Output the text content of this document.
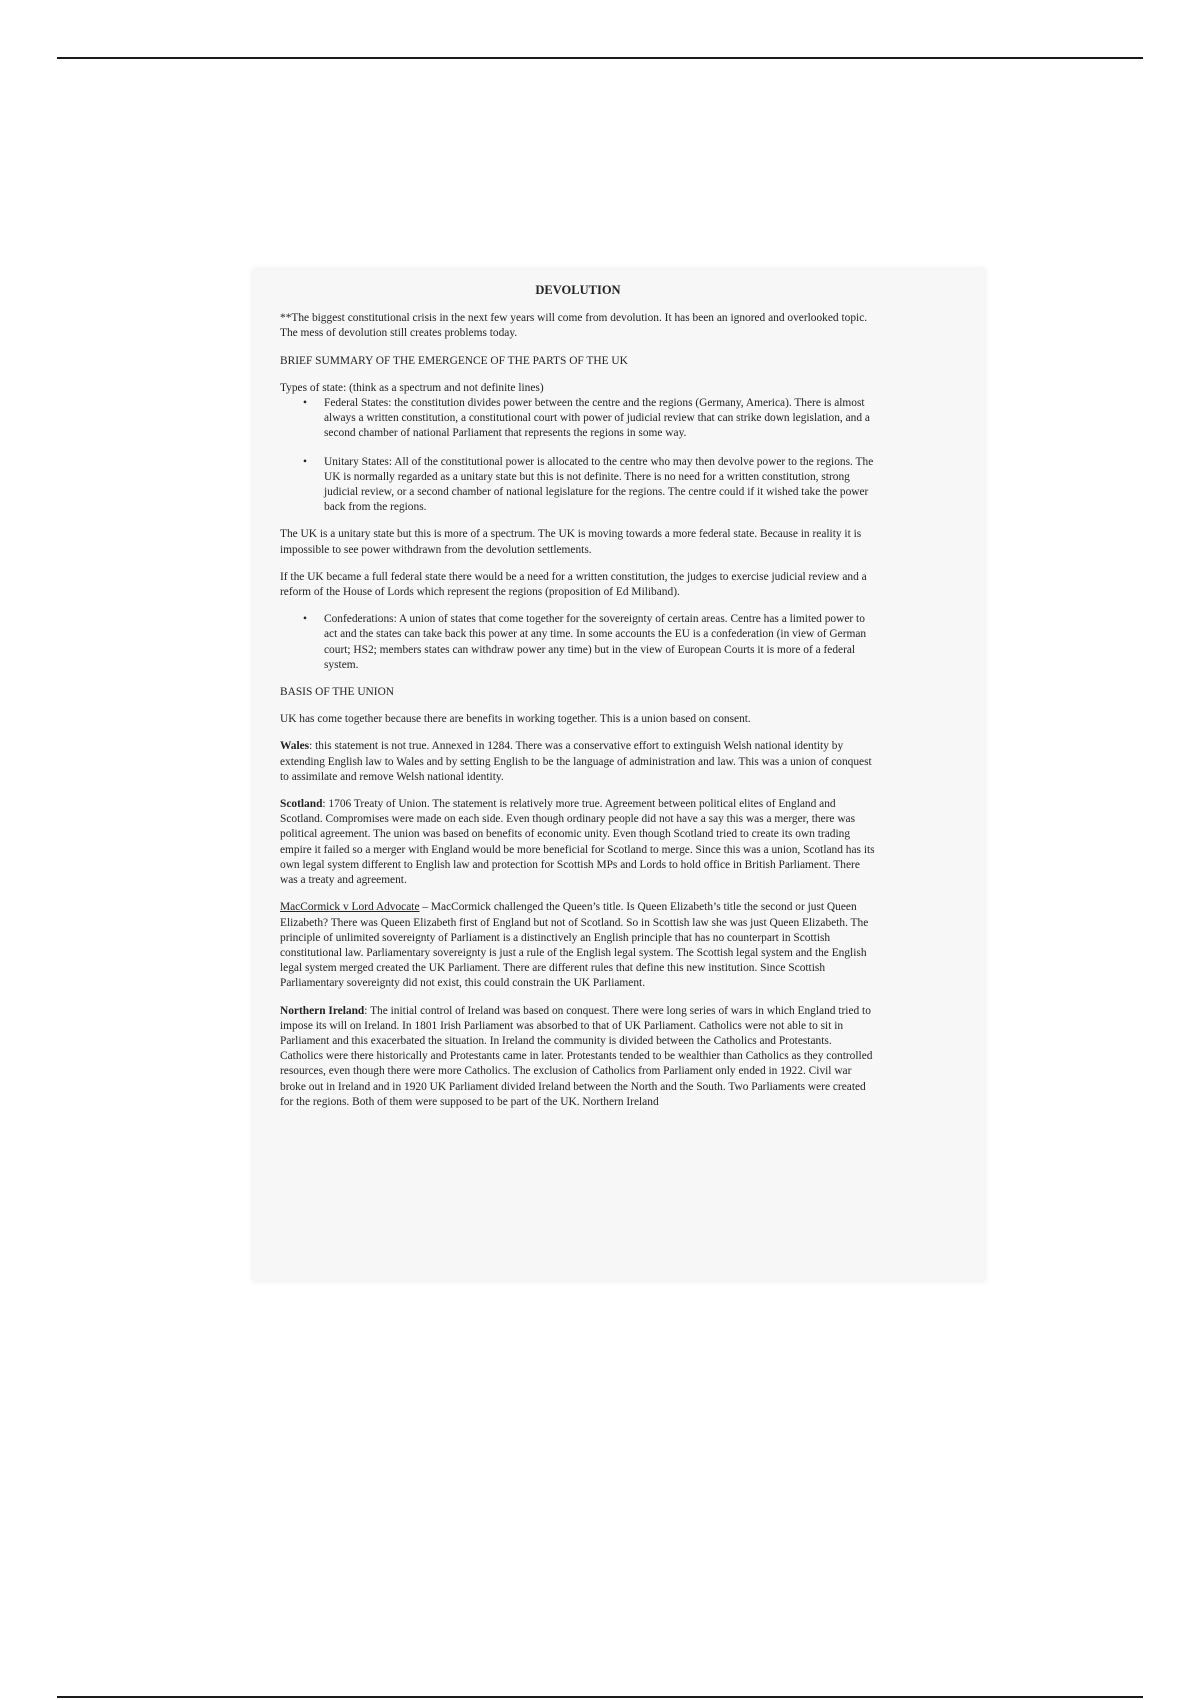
DEVOLUTION

**The biggest constitutional crisis in the next few years will come from devolution. It has been an ignored and overlooked topic. The mess of devolution still creates problems today.

BRIEF SUMMARY OF THE EMERGENCE OF THE PARTS OF THE UK

Types of state: (think as a spectrum and not definite lines)

• Federal States: the constitution divides power between the centre and the regions (Germany, America). There is almost always a written constitution, a constitutional court with power of judicial review that can strike down legislation, and a second chamber of national Parliament that represents the regions in some way.
• Unitary States: All of the constitutional power is allocated to the centre who may then devolve power to the regions. The UK is normally regarded as a unitary state but this is not definite. There is no need for a written constitution, strong judicial review, or a second chamber of national legislature for the regions. The centre could if it wished take the power back from the regions.

The UK is a unitary state but this is more of a spectrum. The UK is moving towards a more federal state. Because in reality it is impossible to see power withdrawn from the devolution settlements.

If the UK became a full federal state there would be a need for a written constitution, the judges to exercise judicial review and a reform of the House of Lords which represent the regions (proposition of Ed Miliband).

• Confederations: A union of states that come together for the sovereignty of certain areas. Centre has a limited power to act and the states can take back this power at any time. In some accounts the EU is a confederation (in view of German court; HS2; members states can withdraw power any time) but in the view of European Courts it is more of a federal system.

BASIS OF THE UNION

UK has come together because there are benefits in working together. This is a union based on consent.

Wales: this statement is not true. Annexed in 1284. There was a conservative effort to extinguish Welsh national identity by extending English law to Wales and by setting English to be the language of administration and law. This was a union of conquest to assimilate and remove Welsh national identity.

Scotland: 1706 Treaty of Union. The statement is relatively more true. Agreement between political elites of England and Scotland. Compromises were made on each side. Even though ordinary people did not have a say this was a merger, there was political agreement. The union was based on benefits of economic unity. Even though Scotland tried to create its own trading empire it failed so a merger with England would be more beneficial for Scotland to merge. Since this was a union, Scotland has its own legal system different to English law and protection for Scottish MPs and Lords to hold office in British Parliament. There was a treaty and agreement.

MacCormick v Lord Advocate – MacCormick challenged the Queen’s title. Is Queen Elizabeth’s title the second or just Queen Elizabeth? There was Queen Elizabeth first of England but not of Scotland. So in Scottish law she was just Queen Elizabeth. The principle of unlimited sovereignty of Parliament is a distinctively an English principle that has no counterpart in Scottish constitutional law. Parliamentary sovereignty is just a rule of the English legal system. The Scottish legal system and the English legal system merged created the UK Parliament. There are different rules that define this new institution. Since Scottish Parliamentary sovereignty did not exist, this could constrain the UK Parliament.

Northern Ireland: The initial control of Ireland was based on conquest. There were long series of wars in which England tried to impose its will on Ireland. In 1801 Irish Parliament was absorbed to that of UK Parliament. Catholics were not able to sit in Parliament and this exacerbated the situation. In Ireland the community is divided between the Catholics and Protestants. Catholics were there historically and Protestants came in later. Protestants tended to be wealthier than Catholics as they controlled resources, even though there were more Catholics. The exclusion of Catholics from Parliament only ended in 1922. Civil war broke out in Ireland and in 1920 UK Parliament divided Ireland between the North and the South. Two Parliaments were created for the regions. Both of them were supposed to be part of the UK. Northern Ireland
